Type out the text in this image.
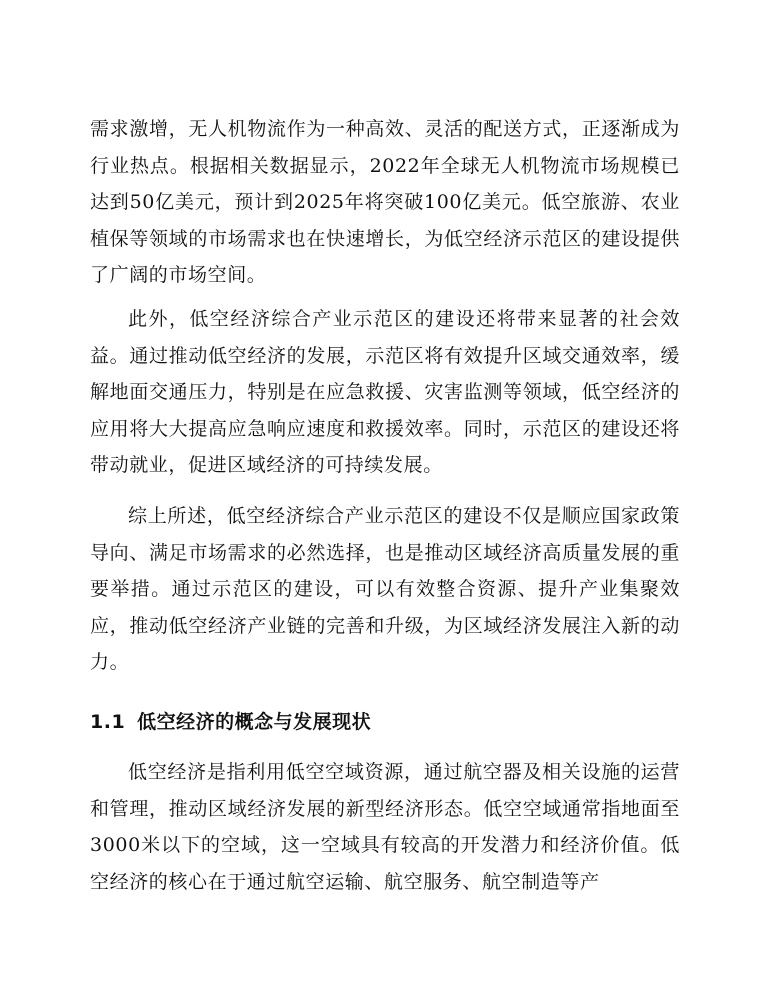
需求激增，无人机物流作为一种高效、灵活的配送方式，正逐渐成为行业热点。根据相关数据显示，2022年全球无人机物流市场规模已达到50亿美元，预计到2025年将突破100亿美元。低空旅游、农业植保等领域的市场需求也在快速增长，为低空经济示范区的建设提供了广阔的市场空间。

此外，低空经济综合产业示范区的建设还将带来显著的社会效益。通过推动低空经济的发展，示范区将有效提升区域交通效率，缓解地面交通压力，特别是在应急救援、灾害监测等领域，低空经济的应用将大大提高应急响应速度和救援效率。同时，示范区的建设还将带动就业，促进区域经济的可持续发展。

综上所述，低空经济综合产业示范区的建设不仅是顺应国家政策导向、满足市场需求的必然选择，也是推动区域经济高质量发展的重要举措。通过示范区的建设，可以有效整合资源、提升产业集聚效应，推动低空经济产业链的完善和升级，为区域经济发展注入新的动力。

1.1 低空经济的概念与发展现状

低空经济是指利用低空空域资源，通过航空器及相关设施的运营和管理，推动区域经济发展的新型经济形态。低空空域通常指地面至3000米以下的空域，这一空域具有较高的开发潜力和经济价值。低空经济的核心在于通过航空运输、航空服务、航空制造等产
